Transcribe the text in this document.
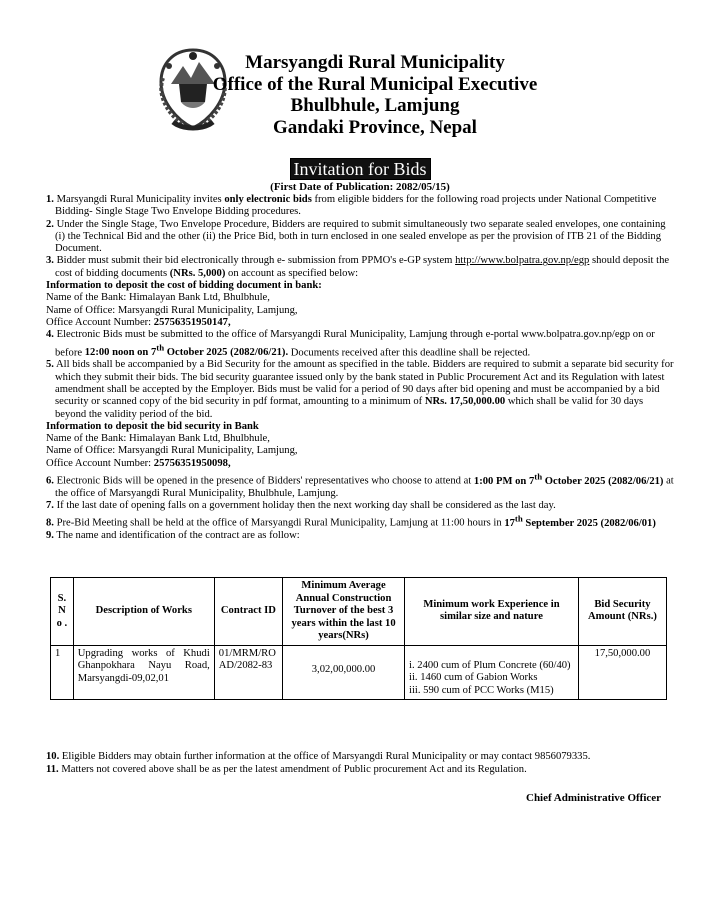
Marsyangdi Rural Municipality
Office of the Rural Municipal Executive
Bhulbhule, Lamjung
Gandaki Province, Nepal
Invitation for Bids
(First Date of Publication: 2082/05/15)

1. Marsyangdi Rural Municipality invites only electronic bids from eligible bidders for the following road projects under National Competitive Bidding- Single Stage Two Envelope Bidding procedures.

2. Under the Single Stage, Two Envelope Procedure, Bidders are required to submit simultaneously two separate sealed envelopes, one containing (i) the Technical Bid and the other (ii) the Price Bid, both in turn enclosed in one sealed envelope as per the provision of ITB 21 of the Bidding Document.

3. Bidder must submit their bid electronically through e- submission from PPMO's e-GP system http://www.bolpatra.gov.np/egp should deposit the cost of bidding documents (NRs. 5,000) on account as specified below:

Information to deposit the cost of bidding document in bank:

Name of the Bank: Himalayan Bank Ltd, Bhulbhule,

Name of Office: Marsyangdi Rural Municipality, Lamjung,

Office Account Number: 25756351950147,

4. Electronic Bids must be submitted to the office of Marsyangdi Rural Municipality, Lamjung through e-portal www.bolpatra.gov.np/egp on or before 12:00 noon on 7th October 2025 (2082/06/21). Documents received after this deadline shall be rejected.

5. All bids shall be accompanied by a Bid Security for the amount as specified in the table. Bidders are required to submit a separate bid security for which they submit their bids. The bid security guarantee issued only by the bank stated in Public Procurement Act and its Regulation with latest amendment shall be accepted by the Employer. Bids must be valid for a period of 90 days after bid opening and must be accompanied by a bid security or scanned copy of the bid security in pdf format, amounting to a minimum of NRs. 17,50,000.00 which shall be valid for 30 days beyond the validity period of the bid.

Information to deposit the bid security in Bank

Name of the Bank: Himalayan Bank Ltd, Bhulbhule,

Name of Office: Marsyangdi Rural Municipality, Lamjung,

Office Account Number: 25756351950098,

6. Electronic Bids will be opened in the presence of Bidders' representatives who choose to attend at 1:00 PM on 7th October 2025 (2082/06/21) at the office of Marsyangdi Rural Municipality, Bhulbhule, Lamjung.

7. If the last date of opening falls on a government holiday then the next working day shall be considered as the last day.

8. Pre-Bid Meeting shall be held at the office of Marsyangdi Rural Municipality, Lamjung at 11:00 hours in 17th September 2025 (2082/06/01)

9. The name and identification of the contract are as follow:

S. N o .	Description of Works	Contract ID	Minimum Average Annual Construction Turnover of the best 3 years within the last 10 years(NRs)	Minimum work Experience in similar size and nature	Bid Security Amount (NRs.)
1	Upgrading works of Khudi Ghanpokhara Nayu Road, Marsyangdi-09,02,01	01/MRM/ROAD/2082-83	3,02,00,000.00	i. 2400 cum of Plum Concrete (60/40)
ii. 1460 cum of Gabion Works
iii. 590 cum of PCC Works (M15)	17,50,000.00

10. Eligible Bidders may obtain further information at the office of Marsyangdi Rural Municipality or may contact 9856079335.

11. Matters not covered above shall be as per the latest amendment of Public procurement Act and its Regulation.

Chief Administrative Officer
